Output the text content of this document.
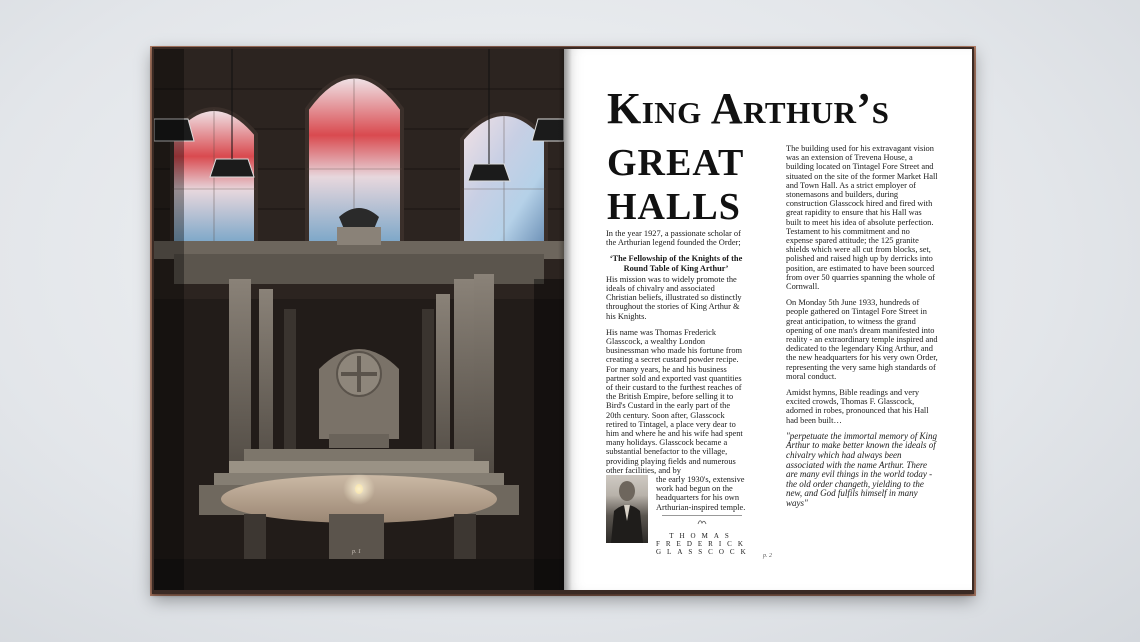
p. 1
King Arthur’s
GREAT
HALLS

In the year 1927, a passionate scholar of the Arthurian legend founded the Order;

‘The Fellowship of the Knights of the Round Table of King Arthur’

His mission was to widely promote the ideals of chivalry and associated Christian beliefs, illustrated so distinctly throughout the stories of King Arthur & his Knights.

His name was Thomas Frederick Glasscock, a wealthy London businessman who made his fortune from creating a secret custard powder recipe. For many years, he and his business partner sold and exported vast quantities of their custard to the furthest reaches of the British Empire, before selling it to Bird's Custard in the early part of the 20th century. Soon after, Glasscock retired to Tintagel, a place very dear to him and where he and his wife had spent many holidays. Glasscock became a substantial benefactor to the village, providing playing fields and numerous other facilities, and by

the early 1930's, extensive work had begun on the headquarters for his own Arthurian-inspired temple.
THOMAS
FREDERICK
GLASSCOCK

The building used for his extravagant vision was an extension of Trevena House, a building located on Tintagel Fore Street and situated on the site of the former Market Hall and Town Hall. As a strict employer of stonemasons and builders, during construction Glasscock hired and fired with great rapidity to ensure that his Hall was built to meet his idea of absolute perfection. Testament to his commitment and no expense spared attitude; the 125 granite shields which were all cut from blocks, set, polished and raised high up by derricks into position, are estimated to have been sourced from over 50 quarries spanning the whole of Cornwall.

On Monday 5th June 1933, hundreds of people gathered on Tintagel Fore Street in great anticipation, to witness the grand opening of one man's dream manifested into reality - an extraordinary temple inspired and dedicated to the legendary King Arthur, and the new headquarters for his very own Order, representing the very same high standards of moral conduct.

Amidst hymns, Bible readings and very excited crowds, Thomas F. Glasscock, adorned in robes, pronounced that his Hall had been built…

"perpetuate the immortal memory of King Arthur to make better known the ideals of chivalry which had always been associated with the name Arthur. There are many evil things in the world today - the old order changeth, yielding to the new, and God fulfils himself in many ways"

p. 2
